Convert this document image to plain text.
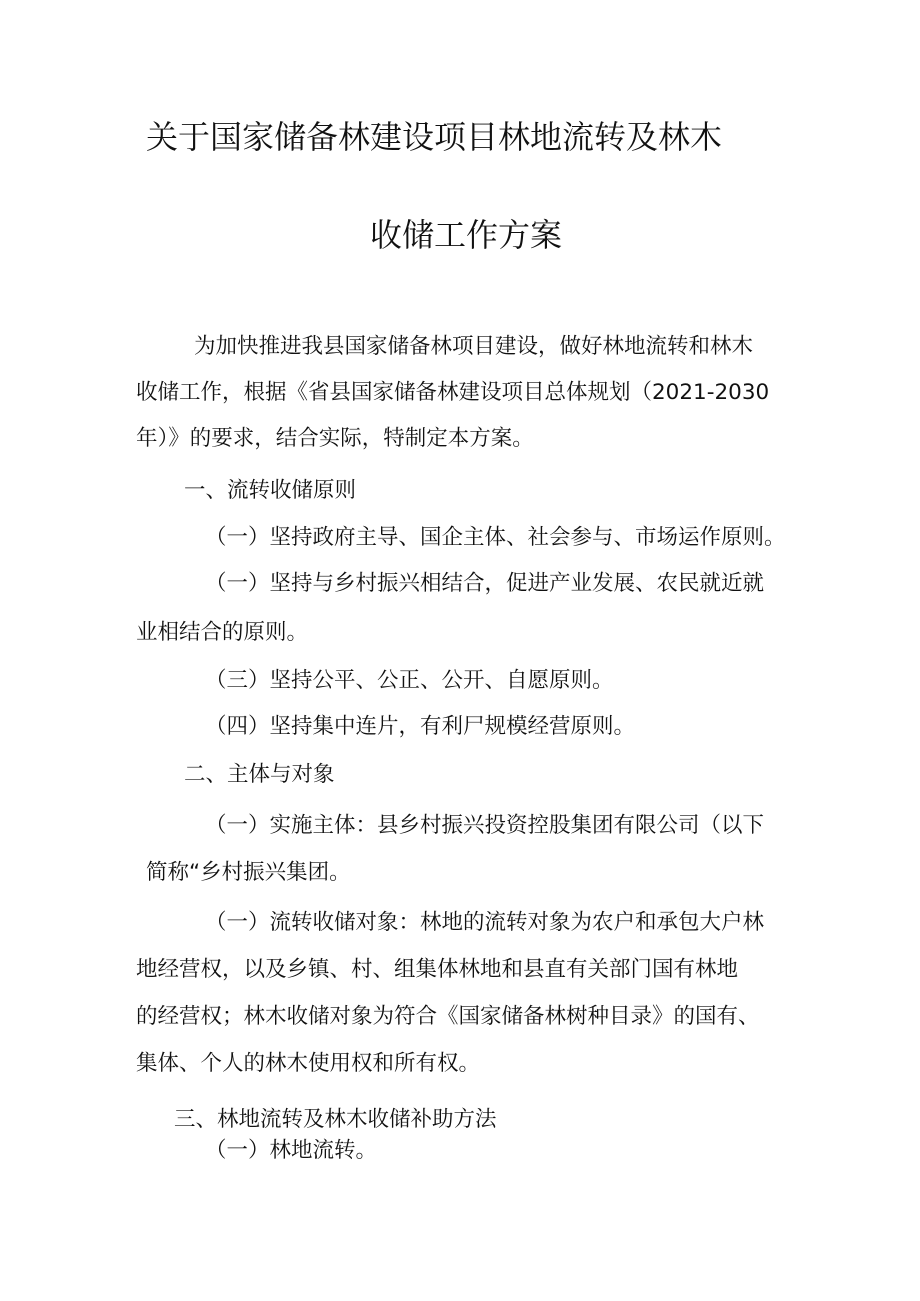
关于国家储备林建设项目林地流转及林木
收储工作方案
为加快推进我县国家储备林项目建设，做好林地流转和林木
收储工作，根据《省县国家储备林建设项目总体规划（2021-2030
年）》的要求，结合实际，特制定本方案。
一、流转收储原则
（一）坚持政府主导、国企主体、社会参与、市场运作原则。
（一）坚持与乡村振兴相结合，促进产业发展、农民就近就
业相结合的原则。
（三）坚持公平、公正、公开、自愿原则。
（四）坚持集中连片，有利尸规模经营原则。
二、主体与对象
（一）实施主体：县乡村振兴投资控股集团有限公司（以下
简称“乡村振兴集团。
（一）流转收储对象：林地的流转对象为农户和承包大户林
地经营权，以及乡镇、村、组集体林地和县直有关部门国有林地
的经营权；林木收储对象为符合《国家储备林树种目录》的国有、
集体、个人的林木使用权和所有权。
三、林地流转及林木收储补助方法
（一）林地流转。
